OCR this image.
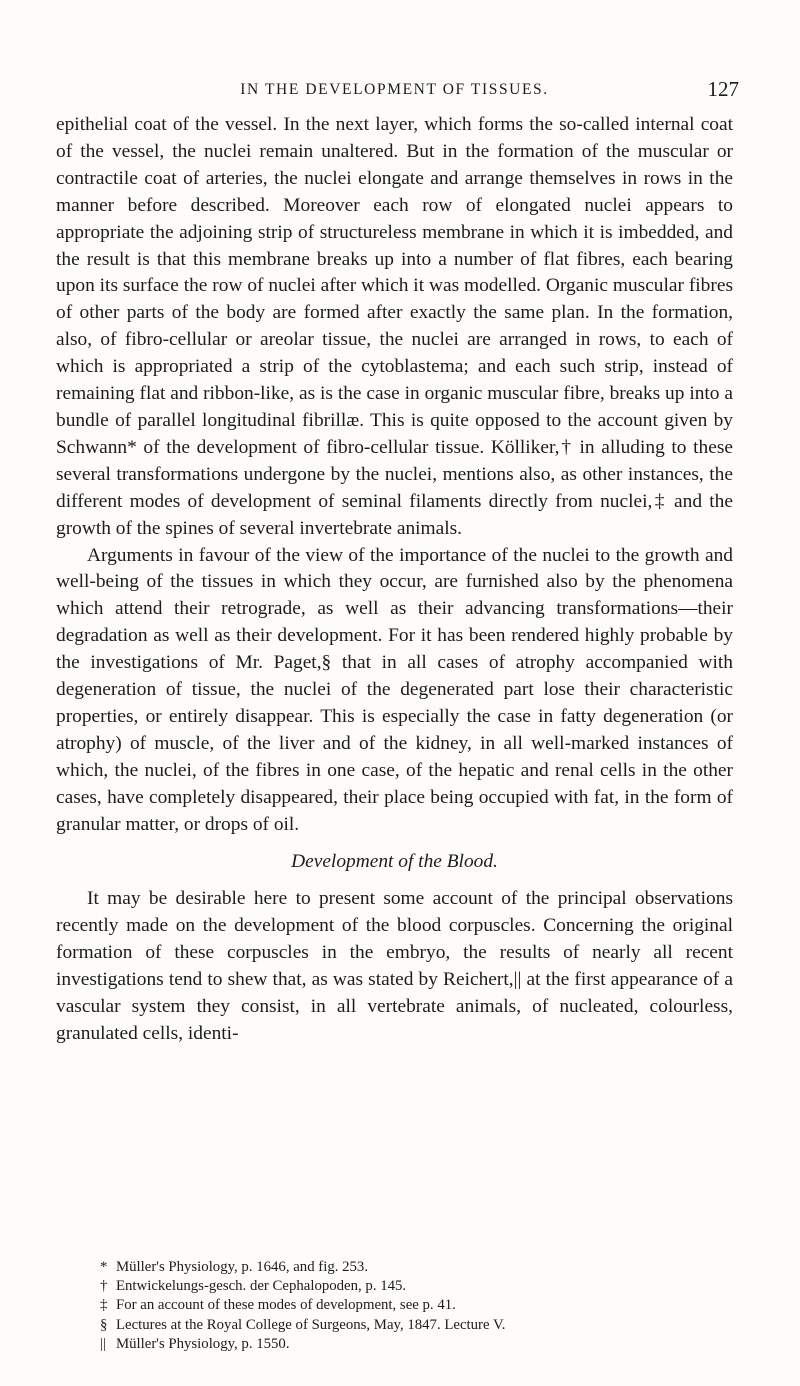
IN THE DEVELOPMENT OF TISSUES.	127

epithelial coat of the vessel. In the next layer, which forms the so-called internal coat of the vessel, the nuclei remain unaltered. But in the formation of the muscular or contractile coat of arteries, the nuclei elongate and arrange themselves in rows in the manner before described. Moreover each row of elongated nuclei appears to appropriate the adjoining strip of structureless membrane in which it is imbedded, and the result is that this membrane breaks up into a number of flat fibres, each bearing upon its surface the row of nuclei after which it was modelled. Organic muscular fibres of other parts of the body are formed after exactly the same plan. In the formation, also, of fibro-cellular or areolar tissue, the nuclei are arranged in rows, to each of which is appropriated a strip of the cytoblastema; and each such strip, instead of remaining flat and ribbon-like, as is the case in organic muscular fibre, breaks up into a bundle of parallel longitudinal fibrillæ. This is quite opposed to the account given by Schwann* of the development of fibro-cellular tissue. Kölliker,† in alluding to these several transformations undergone by the nuclei, mentions also, as other instances, the different modes of development of seminal filaments directly from nuclei,‡ and the growth of the spines of several invertebrate animals.

Arguments in favour of the view of the importance of the nuclei to the growth and well-being of the tissues in which they occur, are furnished also by the phenomena which attend their retrograde, as well as their advancing transformations—their degradation as well as their development. For it has been rendered highly probable by the investigations of Mr. Paget,§ that in all cases of atrophy accompanied with degeneration of tissue, the nuclei of the degenerated part lose their characteristic properties, or entirely disappear. This is especially the case in fatty degeneration (or atrophy) of muscle, of the liver and of the kidney, in all well-marked instances of which, the nuclei, of the fibres in one case, of the hepatic and renal cells in the other cases, have completely disappeared, their place being occupied with fat, in the form of granular matter, or drops of oil.

Development of the Blood.

It may be desirable here to present some account of the principal observations recently made on the development of the blood corpuscles. Concerning the original formation of these corpuscles in the embryo, the results of nearly all recent investigations tend to shew that, as was stated by Reichert,|| at the first appearance of a vascular system they consist, in all vertebrate animals, of nucleated, colourless, granulated cells, identi-

* Müller's Physiology, p. 1646, and fig. 253.
† Entwickelungs-gesch. der Cephalopoden, p. 145.
‡ For an account of these modes of development, see p. 41.
§ Lectures at the Royal College of Surgeons, May, 1847. Lecture V.
|| Müller's Physiology, p. 1550.
